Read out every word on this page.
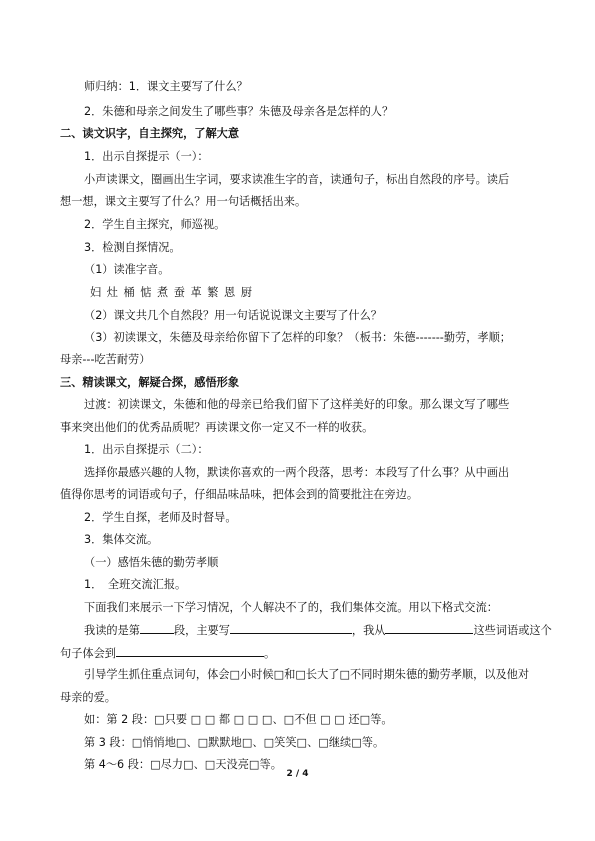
师归纳：1．课文主要写了什么？
2．朱德和母亲之间发生了哪些事？朱德及母亲各是怎样的人？
二、读文识字，自主探究，了解大意
1．出示自探提示（一）：
小声读课文，圈画出生字词，要求读准生字的音，读通句子，标出自然段的序号。读后
想一想，课文主要写了什么？用一句话概括出来。
2．学生自主探究，师巡视。
3．检测自探情况。
（1）读准字音。
妇 灶 桶 惦 煮 蚕 革 繁 恩 厨
（2）课文共几个自然段？用一句话说说课文主要写了什么？
（3）初读课文，朱德及母亲给你留下了怎样的印象？（板书：朱德-------勤劳，孝顺；
母亲---吃苦耐劳）
三、精读课文，解疑合探，感悟形象
过渡：初读课文，朱德和他的母亲已给我们留下了这样美好的印象。那么课文写了哪些
事来突出他们的优秀品质呢？再读课文你一定又不一样的收获。
1．出示自探提示（二）：
选择你最感兴趣的人物，默读你喜欢的一两个段落，思考：本段写了什么事？从中画出
值得你思考的词语或句子，仔细品味品味，把体会到的简要批注在旁边。
2．学生自探，老师及时督导。
3．集体交流。
（一）感悟朱德的勤劳孝顺
1．　全班交流汇报。
下面我们来展示一下学习情况，个人解决不了的，我们集体交流。用以下格式交流：
我读的是第	段，主要写	，我从	这些词语或这个
句子体会到	。
引导学生抓住重点词句，体会□小时候□和□长大了□不同时期朱德的勤劳孝顺，以及他对
母亲的爱。
如：第 2 段：□只要 □ □ 都 □ □ □、□不但 □ □ 还□等。
第 3 段：□悄悄地□、□默默地□、□笑笑□、□继续□等。
第 4～6 段：□尽力□、□天没亮□等。
2 / 4
